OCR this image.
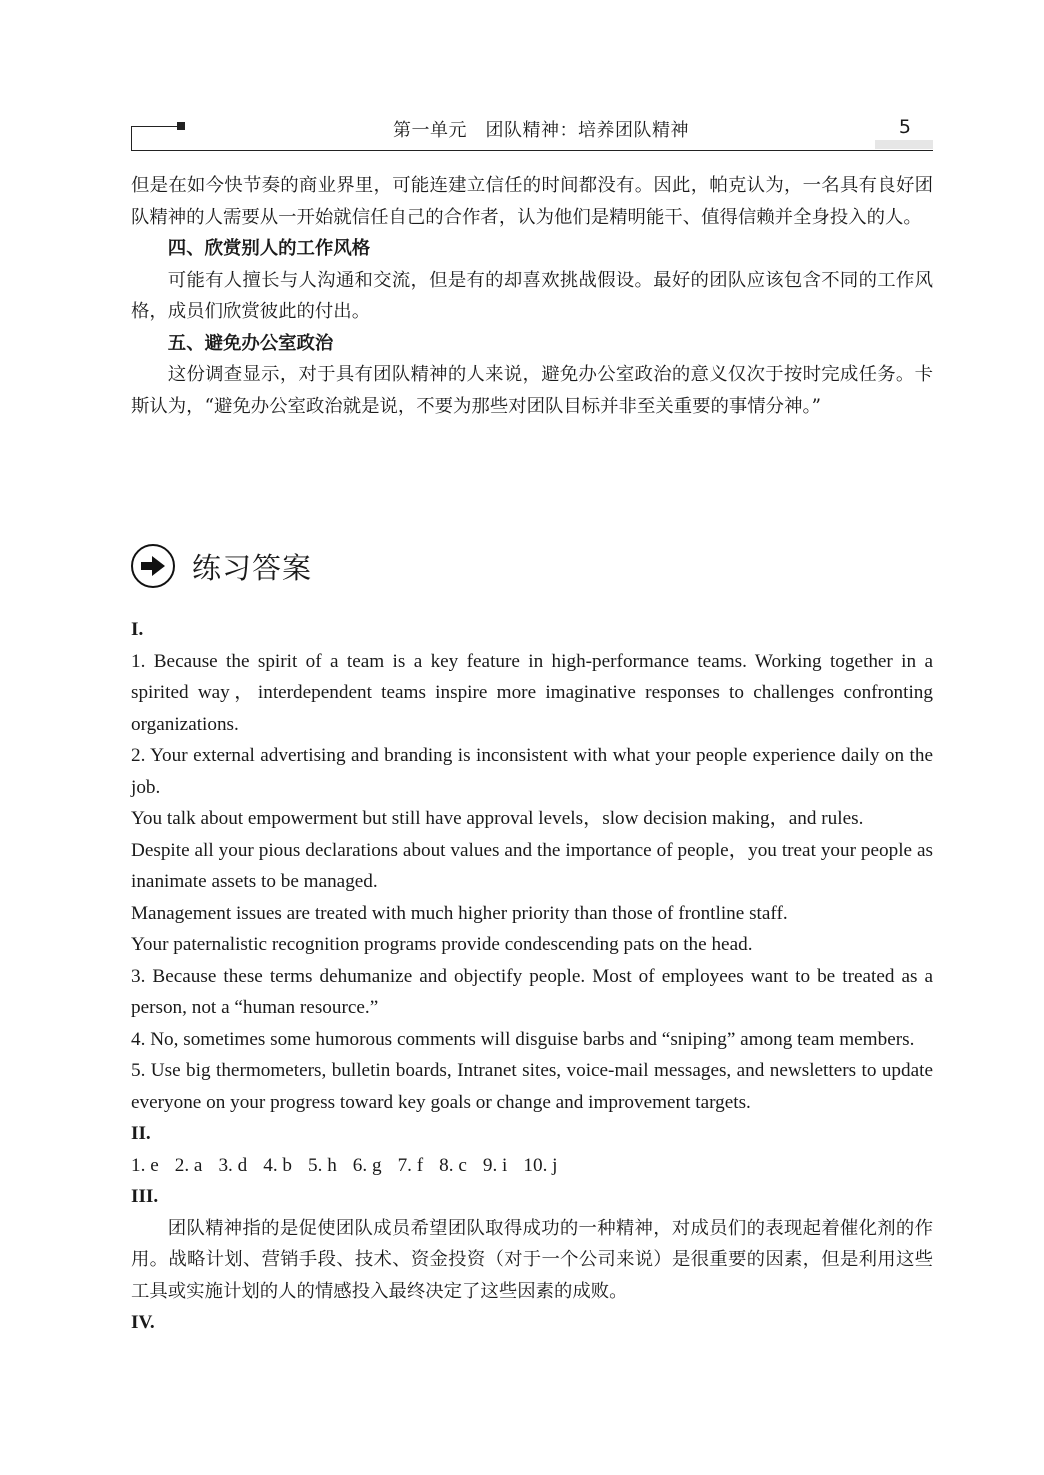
第一单元　团队精神：培养团队精神	5

但是在如今快节奏的商业界里，可能连建立信任的时间都没有。因此，帕克认为，一名具有良好团队精神的人需要从一开始就信任自己的合作者，认为他们是精明能干、值得信赖并全身投入的人。

四、欣赏别人的工作风格

可能有人擅长与人沟通和交流，但是有的却喜欢挑战假设。最好的团队应该包含不同的工作风格，成员们欣赏彼此的付出。

五、避免办公室政治

这份调查显示，对于具有团队精神的人来说，避免办公室政治的意义仅次于按时完成任务。卡斯认为，“避免办公室政治就是说，不要为那些对团队目标并非至关重要的事情分神。”

练习答案

I.

1. Because the spirit of a team is a key feature in high-performance teams. Working together in a spirited way，interdependent teams inspire more imaginative responses to challenges confronting organizations.

2. Your external advertising and branding is inconsistent with what your people experience daily on the job.

You talk about empowerment but still have approval levels，slow decision making，and rules.

Despite all your pious declarations about values and the importance of people，you treat your people as inanimate assets to be managed.

Management issues are treated with much higher priority than those of frontline staff.

Your paternalistic recognition programs provide condescending pats on the head.

3. Because these terms dehumanize and objectify people. Most of employees want to be treated as a person, not a “human resource.”

4. No, sometimes some humorous comments will disguise barbs and “sniping” among team members.

5. Use big thermometers, bulletin boards, Intranet sites, voice-mail messages, and newsletters to update everyone on your progress toward key goals or change and improvement targets.

II.

1. e 2. a 3. d 4. b 5. h 6. g 7. f 8. c 9. i 10. j

III.

团队精神指的是促使团队成员希望团队取得成功的一种精神，对成员们的表现起着催化剂的作用。战略计划、营销手段、技术、资金投资（对于一个公司来说）是很重要的因素，但是利用这些工具或实施计划的人的情感投入最终决定了这些因素的成败。

IV.
